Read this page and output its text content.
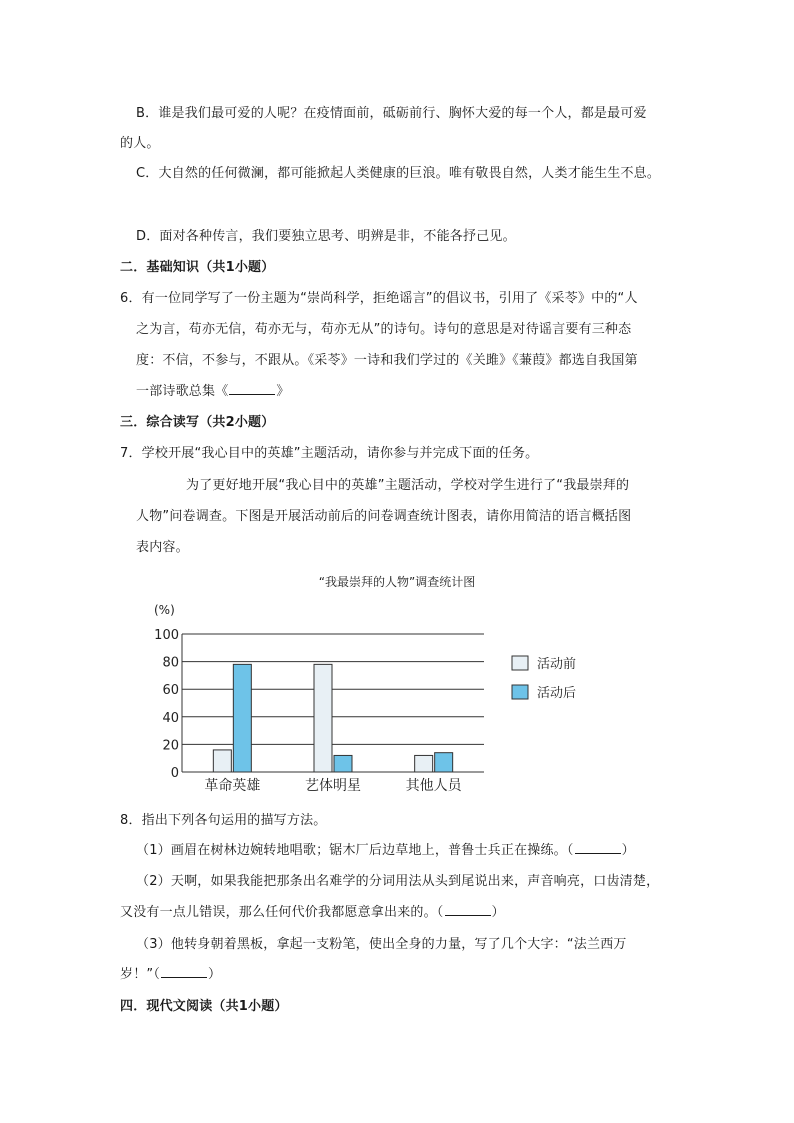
B．谁是我们最可爱的人呢？在疫情面前，砥砺前行、胸怀大爱的每一个人，都是最可爱
的人。
C．大自然的任何微澜，都可能掀起人类健康的巨浪。唯有敬畏自然，人类才能生生不息。
D．面对各种传言，我们要独立思考、明辨是非，不能各抒己见。
二．基础知识（共1小题）
6．有一位同学写了一份主题为“崇尚科学，拒绝谣言”的倡议书，引用了《采苓》中的“人
之为言，苟亦无信，苟亦无与，苟亦无从”的诗句。诗句的意思是对待谣言要有三种态
度：不信，不参与，不跟从。《采苓》一诗和我们学过的《关雎》《蒹葭》都选自我国第
一部诗歌总集《	》
三．综合读写（共2小题）
7．学校开展“我心目中的英雄”主题活动，请你参与并完成下面的任务。
为了更好地开展“我心目中的英雄”主题活动，学校对学生进行了“我最崇拜的
人物”问卷调查。下图是开展活动前后的问卷调查统计图表，请你用简洁的语言概括图
表内容。
“我最崇拜的人物”调查统计图
(%)
0
20
40
60
80
100
革命英雄	艺体明星	其他人员
活动前
活动后
8．指出下列各句运用的描写方法。
（1）画眉在树林边婉转地唱歌；锯木厂后边草地上，普鲁士兵正在操练。（	）
（2）天啊，如果我能把那条出名难学的分词用法从头到尾说出来，声音响亮，口齿清楚，
又没有一点儿错误，那么任何代价我都愿意拿出来的。（	）
（3）他转身朝着黑板，拿起一支粉笔，使出全身的力量，写了几个大字：“法兰西万
岁！”（	）
四．现代文阅读（共1小题）
